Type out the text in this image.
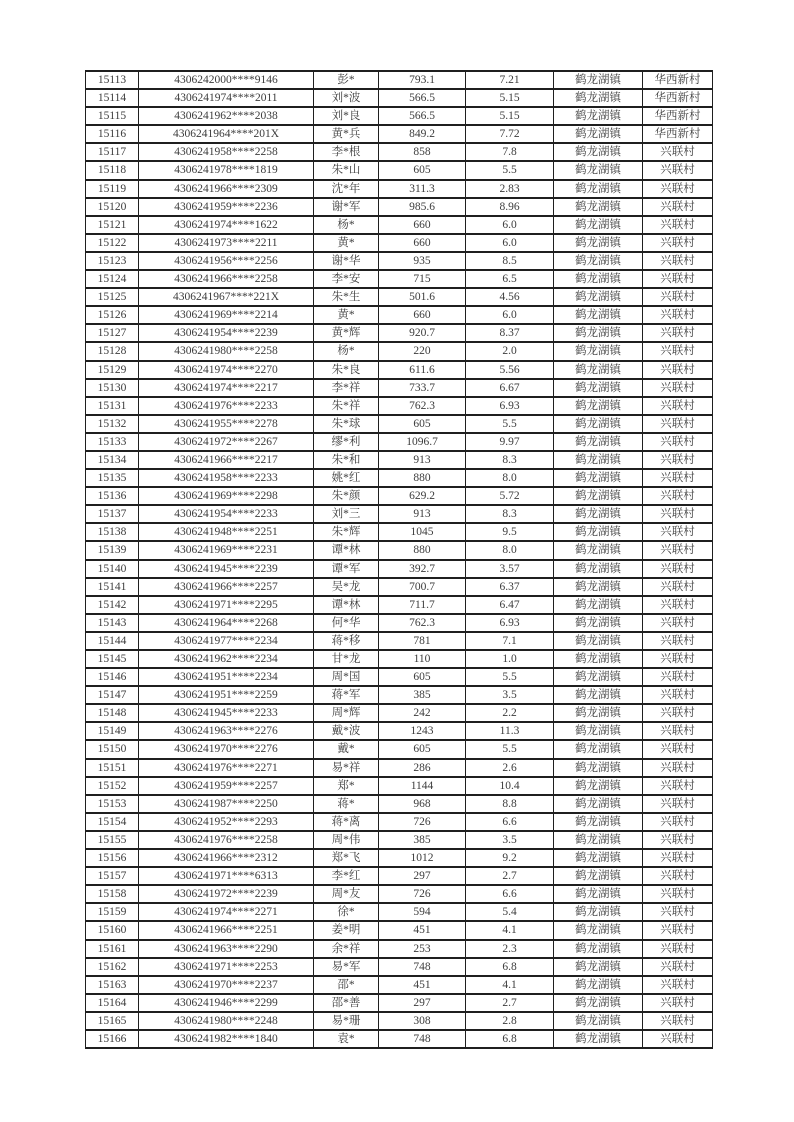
15113	4306242000****9146	彭*	793.1	7.21	鹤龙湖镇	华西新村
15114	4306241974****2011	刘*波	566.5	5.15	鹤龙湖镇	华西新村
15115	4306241962****2038	刘*良	566.5	5.15	鹤龙湖镇	华西新村
15116	4306241964****201X	黄*兵	849.2	7.72	鹤龙湖镇	华西新村
15117	4306241958****2258	李*根	858	7.8	鹤龙湖镇	兴联村
15118	4306241978****1819	朱*山	605	5.5	鹤龙湖镇	兴联村
15119	4306241966****2309	沈*年	311.3	2.83	鹤龙湖镇	兴联村
15120	4306241959****2236	谢*军	985.6	8.96	鹤龙湖镇	兴联村
15121	4306241974****1622	杨*	660	6.0	鹤龙湖镇	兴联村
15122	4306241973****2211	黄*	660	6.0	鹤龙湖镇	兴联村
15123	4306241956****2256	谢*华	935	8.5	鹤龙湖镇	兴联村
15124	4306241966****2258	李*安	715	6.5	鹤龙湖镇	兴联村
15125	4306241967****221X	朱*生	501.6	4.56	鹤龙湖镇	兴联村
15126	4306241969****2214	黄*	660	6.0	鹤龙湖镇	兴联村
15127	4306241954****2239	黄*辉	920.7	8.37	鹤龙湖镇	兴联村
15128	4306241980****2258	杨*	220	2.0	鹤龙湖镇	兴联村
15129	4306241974****2270	朱*良	611.6	5.56	鹤龙湖镇	兴联村
15130	4306241974****2217	李*祥	733.7	6.67	鹤龙湖镇	兴联村
15131	4306241976****2233	朱*祥	762.3	6.93	鹤龙湖镇	兴联村
15132	4306241955****2278	朱*球	605	5.5	鹤龙湖镇	兴联村
15133	4306241972****2267	缪*利	1096.7	9.97	鹤龙湖镇	兴联村
15134	4306241966****2217	朱*和	913	8.3	鹤龙湖镇	兴联村
15135	4306241958****2233	姚*红	880	8.0	鹤龙湖镇	兴联村
15136	4306241969****2298	朱*颜	629.2	5.72	鹤龙湖镇	兴联村
15137	4306241954****2233	刘*三	913	8.3	鹤龙湖镇	兴联村
15138	4306241948****2251	朱*辉	1045	9.5	鹤龙湖镇	兴联村
15139	4306241969****2231	谭*林	880	8.0	鹤龙湖镇	兴联村
15140	4306241945****2239	谭*军	392.7	3.57	鹤龙湖镇	兴联村
15141	4306241966****2257	吴*龙	700.7	6.37	鹤龙湖镇	兴联村
15142	4306241971****2295	谭*林	711.7	6.47	鹤龙湖镇	兴联村
15143	4306241964****2268	何*华	762.3	6.93	鹤龙湖镇	兴联村
15144	4306241977****2234	蒋*移	781	7.1	鹤龙湖镇	兴联村
15145	4306241962****2234	甘*龙	110	1.0	鹤龙湖镇	兴联村
15146	4306241951****2234	周*国	605	5.5	鹤龙湖镇	兴联村
15147	4306241951****2259	蒋*军	385	3.5	鹤龙湖镇	兴联村
15148	4306241945****2233	周*辉	242	2.2	鹤龙湖镇	兴联村
15149	4306241963****2276	戴*波	1243	11.3	鹤龙湖镇	兴联村
15150	4306241970****2276	戴*	605	5.5	鹤龙湖镇	兴联村
15151	4306241976****2271	易*祥	286	2.6	鹤龙湖镇	兴联村
15152	4306241959****2257	郑*	1144	10.4	鹤龙湖镇	兴联村
15153	4306241987****2250	蒋*	968	8.8	鹤龙湖镇	兴联村
15154	4306241952****2293	蒋*离	726	6.6	鹤龙湖镇	兴联村
15155	4306241976****2258	周*伟	385	3.5	鹤龙湖镇	兴联村
15156	4306241966****2312	郑*飞	1012	9.2	鹤龙湖镇	兴联村
15157	4306241971****6313	李*红	297	2.7	鹤龙湖镇	兴联村
15158	4306241972****2239	周*友	726	6.6	鹤龙湖镇	兴联村
15159	4306241974****2271	徐*	594	5.4	鹤龙湖镇	兴联村
15160	4306241966****2251	姜*明	451	4.1	鹤龙湖镇	兴联村
15161	4306241963****2290	余*祥	253	2.3	鹤龙湖镇	兴联村
15162	4306241971****2253	易*军	748	6.8	鹤龙湖镇	兴联村
15163	4306241970****2237	邵*	451	4.1	鹤龙湖镇	兴联村
15164	4306241946****2299	邵*善	297	2.7	鹤龙湖镇	兴联村
15165	4306241980****2248	易*珊	308	2.8	鹤龙湖镇	兴联村
15166	4306241982****1840	袁*	748	6.8	鹤龙湖镇	兴联村
